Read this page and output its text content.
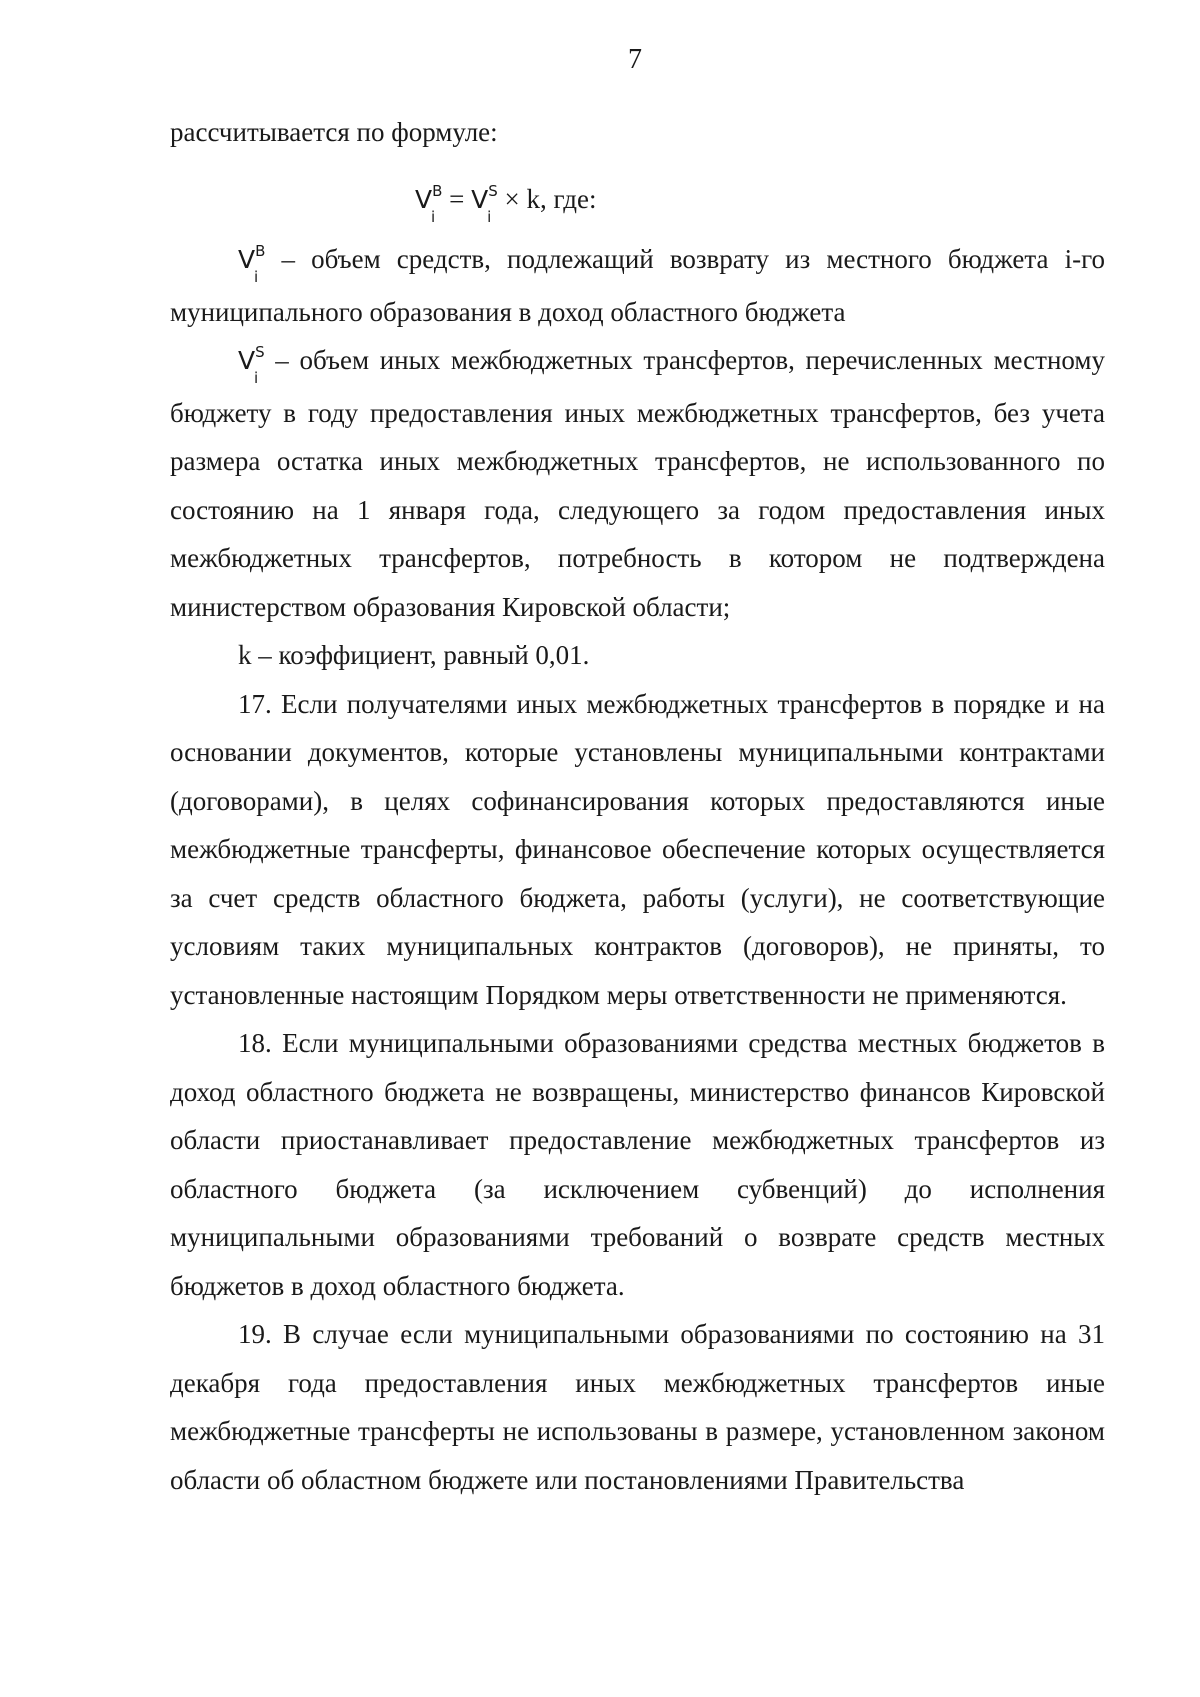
7

рассчитывается по формуле:

$V^B$
i
= $V^S$
i
× k, где:

$V^B$
i
– объем средств, подлежащий возврату из местного бюджета i-го муниципального образования в доход областного бюджета

$V^S$
i
– объем иных межбюджетных трансфертов, перечисленных местному бюджету в году предоставления иных межбюджетных трансфертов, без учета размера остатка иных межбюджетных трансфертов, не использованного по состоянию на 1 января года, следующего за годом предоставления иных межбюджетных трансфертов, потребность в котором не подтверждена министерством образования Кировской области;

k – коэффициент, равный 0,01.

17. Если получателями иных межбюджетных трансфертов в порядке и на основании документов, которые установлены муниципальными контрактами (договорами), в целях софинансирования которых предоставляются иные межбюджетные трансферты, финансовое обеспечение которых осуществляется за счет средств областного бюджета, работы (услуги), не соответствующие условиям таких муниципальных контрактов (договоров), не приняты, то установленные настоящим Порядком меры ответственности не применяются.

18. Если муниципальными образованиями средства местных бюджетов в доход областного бюджета не возвращены, министерство финансов Кировской области приостанавливает предоставление межбюджетных трансфертов из областного бюджета (за исключением субвенций) до исполнения муниципальными образованиями требований о возврате средств местных бюджетов в доход областного бюджета.

19. В случае если муниципальными образованиями по состоянию на 31 декабря года предоставления иных межбюджетных трансфертов иные межбюджетные трансферты не использованы в размере, установленном законом области об областном бюджете или постановлениями Правительства
